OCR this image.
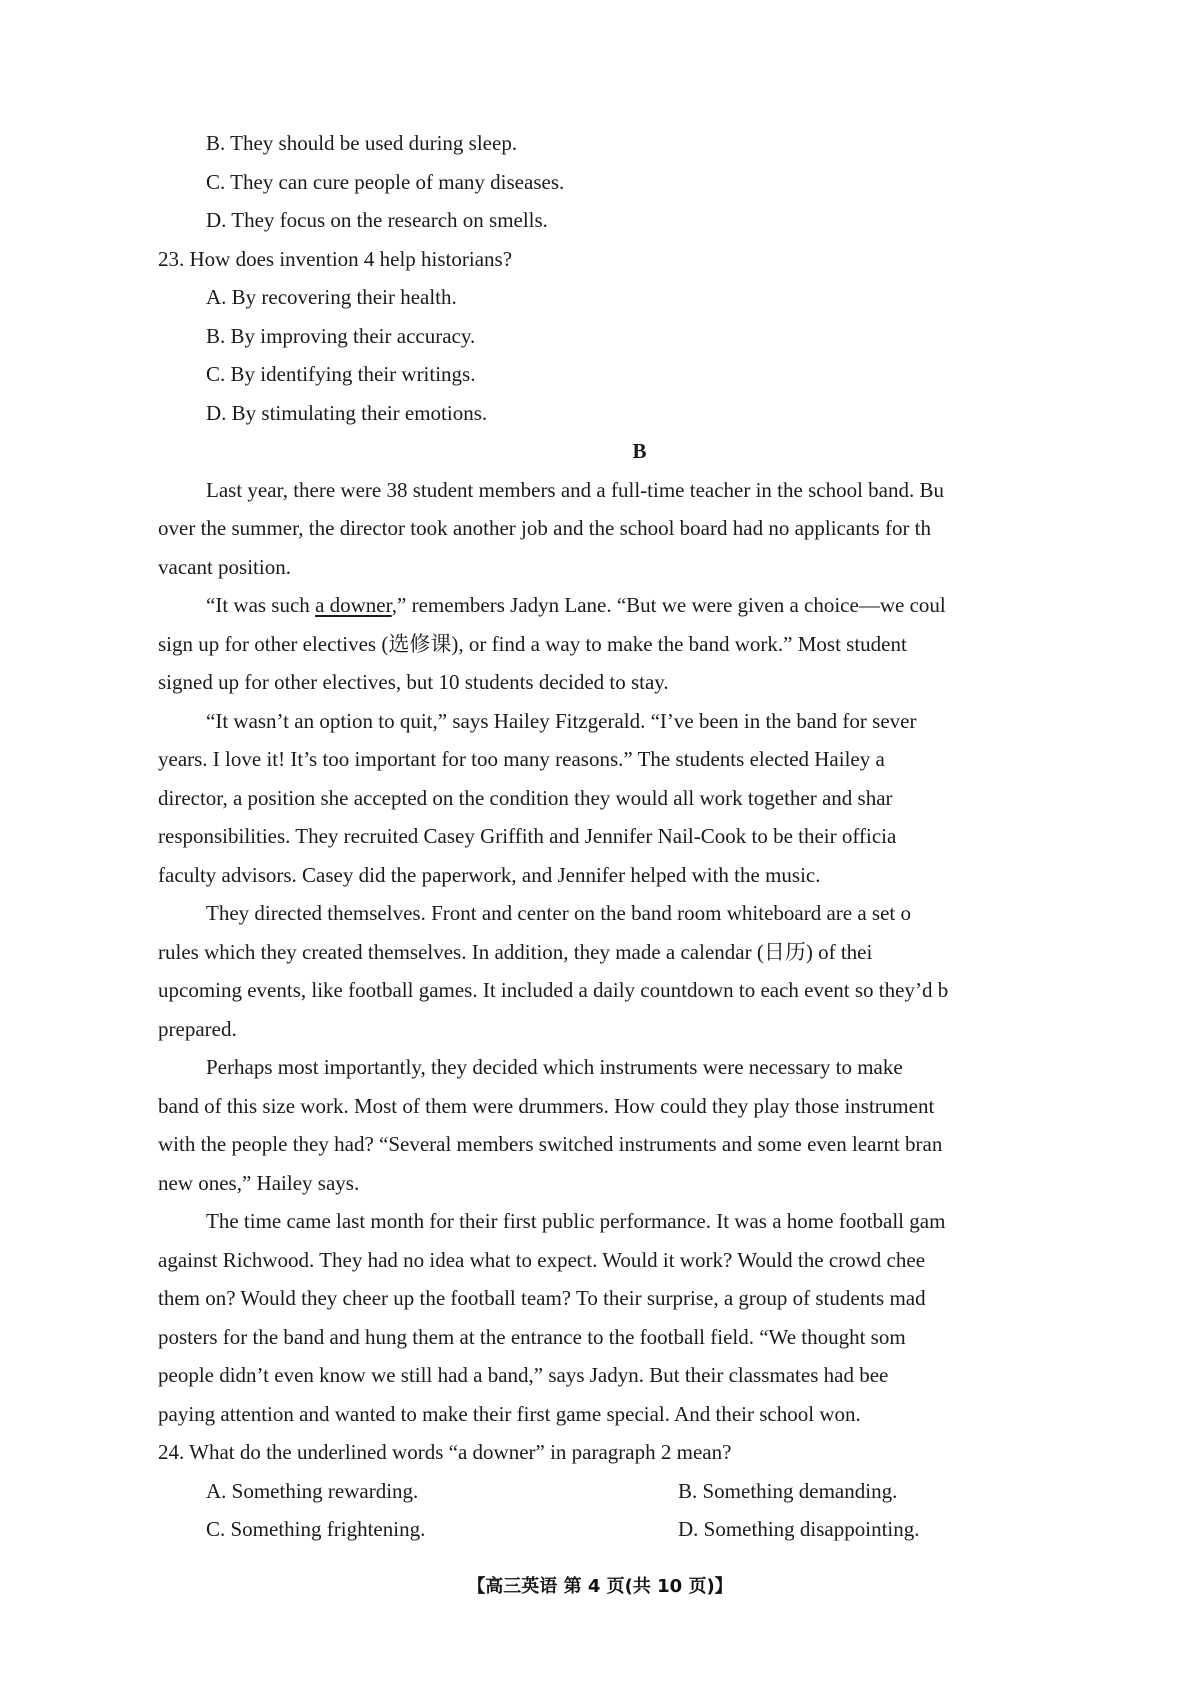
B. They should be used during sleep.
C. They can cure people of many diseases.
D. They focus on the research on smells.
23. How does invention 4 help historians?
A. By recovering their health.
B. By improving their accuracy.
C. By identifying their writings.
D. By stimulating their emotions.
B
Last year, there were 38 student members and a full-time teacher in the school band. Bu
over the summer, the director took another job and the school board had no applicants for th
vacant position.
“It was such a downer,” remembers Jadyn Lane. “But we were given a choice—we coul
sign up for other electives (选修课), or find a way to make the band work.” Most student
signed up for other electives, but 10 students decided to stay.
“It wasn’t an option to quit,” says Hailey Fitzgerald. “I’ve been in the band for sever
years. I love it! It’s too important for too many reasons.” The students elected Hailey a
director, a position she accepted on the condition they would all work together and shar
responsibilities. They recruited Casey Griffith and Jennifer Nail-Cook to be their officia
faculty advisors. Casey did the paperwork, and Jennifer helped with the music.
They directed themselves. Front and center on the band room whiteboard are a set o
rules which they created themselves. In addition, they made a calendar (日历) of thei
upcoming events, like football games. It included a daily countdown to each event so they’d b
prepared.
Perhaps most importantly, they decided which instruments were necessary to make
band of this size work. Most of them were drummers. How could they play those instrument
with the people they had? “Several members switched instruments and some even learnt bran
new ones,” Hailey says.
The time came last month for their first public performance. It was a home football gam
against Richwood. They had no idea what to expect. Would it work? Would the crowd chee
them on? Would they cheer up the football team? To their surprise, a group of students mad
posters for the band and hung them at the entrance to the football field. “We thought som
people didn’t even know we still had a band,” says Jadyn. But their classmates had bee
paying attention and wanted to make their first game special. And their school won.
24. What do the underlined words “a downer” in paragraph 2 mean?
A. Something rewarding.	B. Something demanding.
C. Something frightening.	D. Something disappointing.
【高三英语 第 4 页(共 10 页)】
